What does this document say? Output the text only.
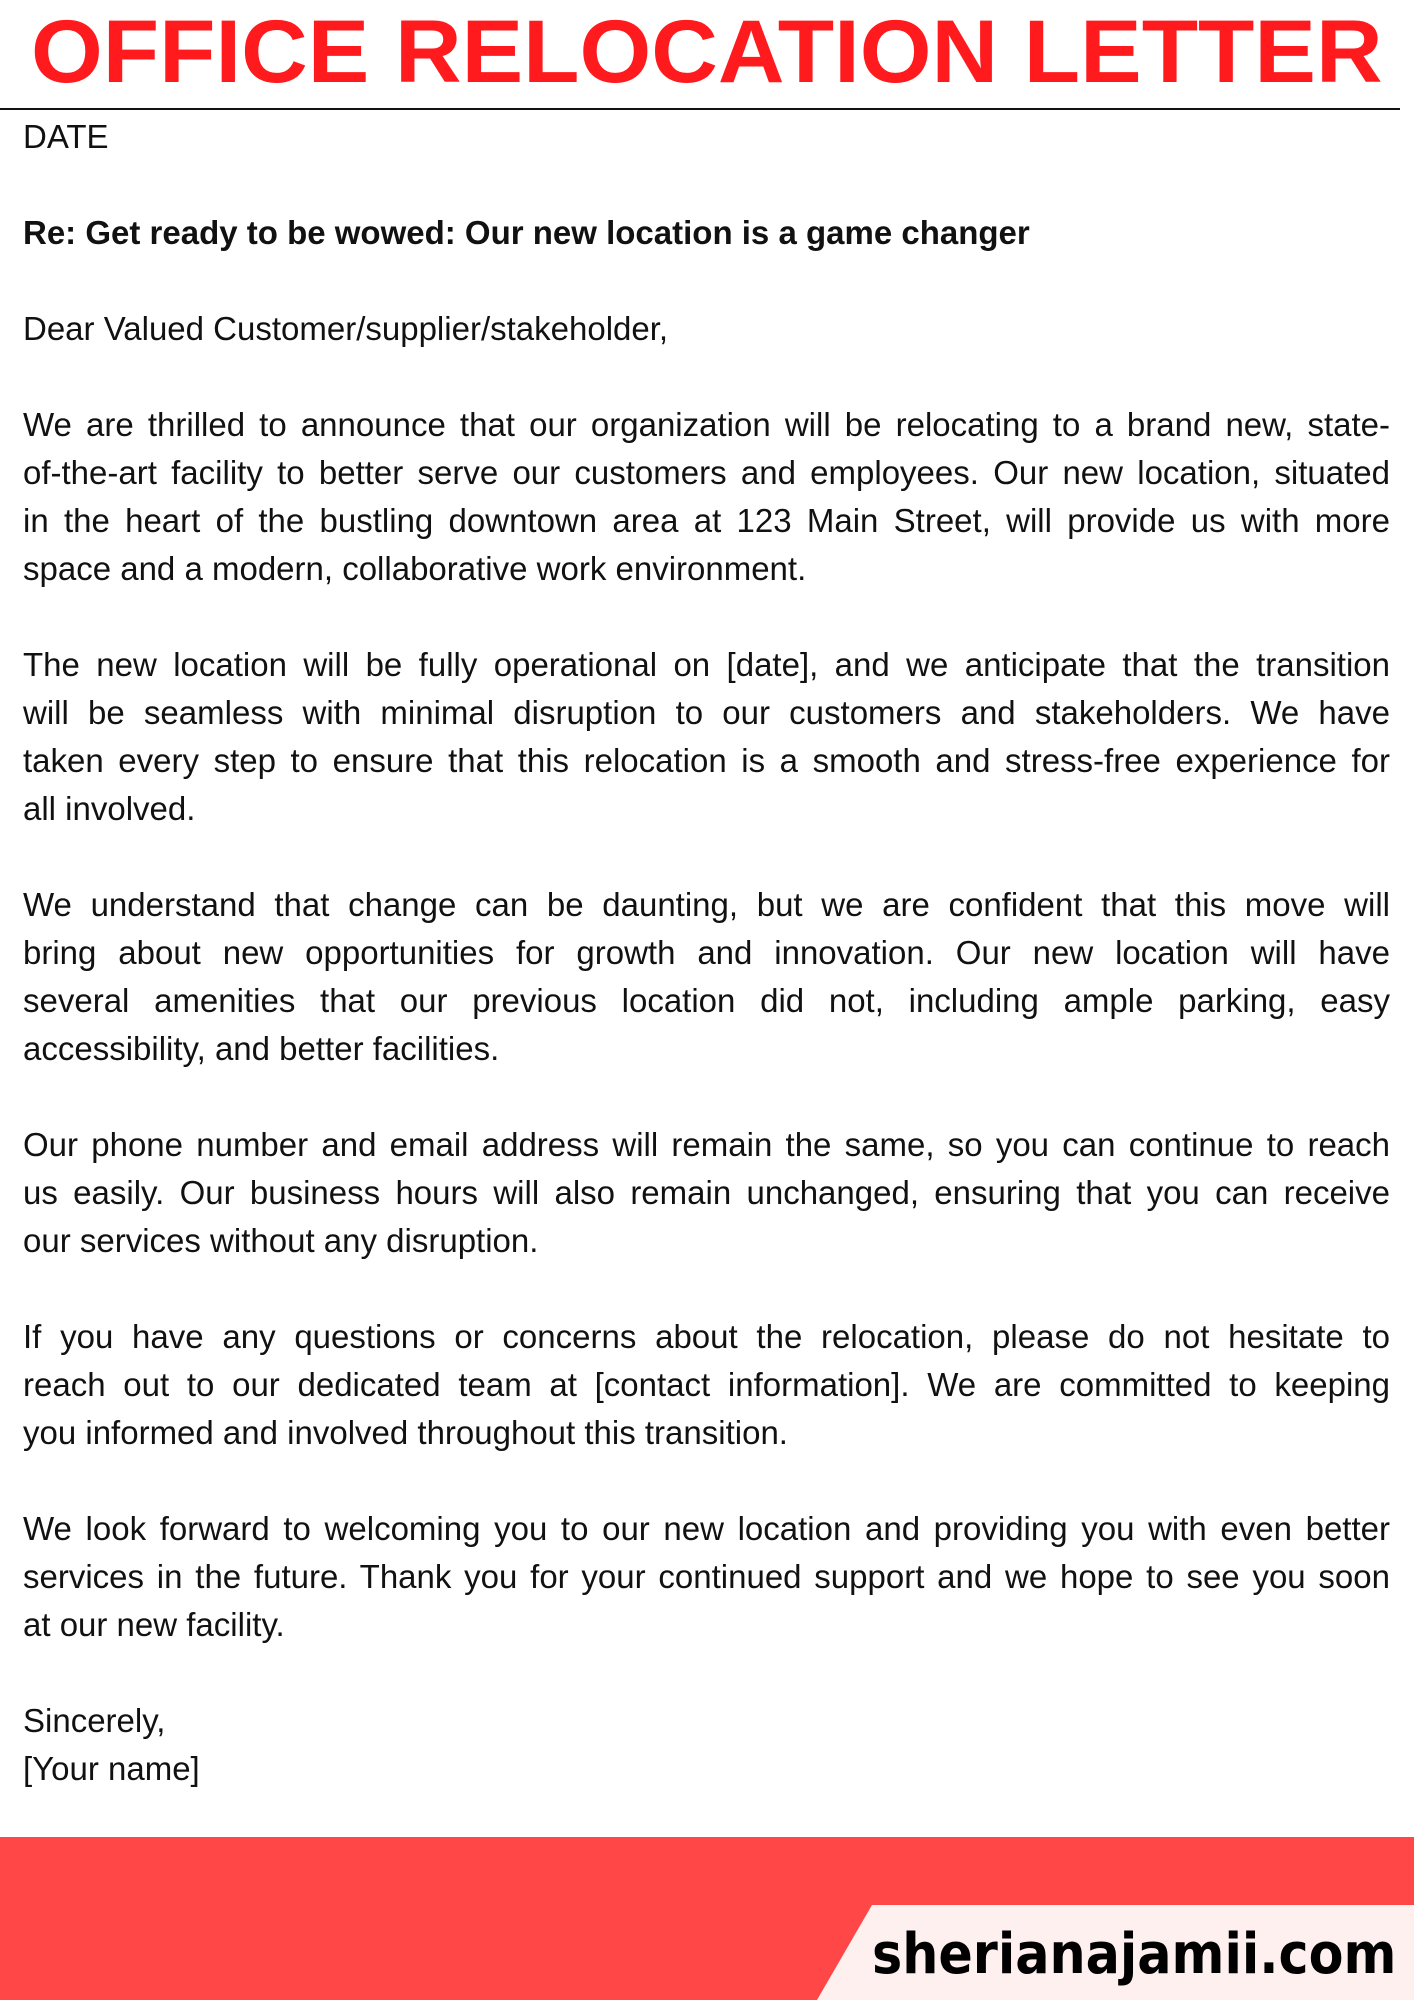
OFFICE RELOCATION LETTER
DATE
Re: Get ready to be wowed: Our new location is a game changer
Dear Valued Customer/supplier/stakeholder,
We are thrilled to announce that our organization will be relocating to a brand new, state-
of-the-art facility to better serve our customers and employees. Our new location, situated
in the heart of the bustling downtown area at 123 Main Street, will provide us with more
space and a modern, collaborative work environment.
The new location will be fully operational on [date], and we anticipate that the transition
will be seamless with minimal disruption to our customers and stakeholders. We have
taken every step to ensure that this relocation is a smooth and stress-free experience for
all involved.
We understand that change can be daunting, but we are confident that this move will
bring about new opportunities for growth and innovation. Our new location will have
several amenities that our previous location did not, including ample parking, easy
accessibility, and better facilities.
Our phone number and email address will remain the same, so you can continue to reach
us easily. Our business hours will also remain unchanged, ensuring that you can receive
our services without any disruption.
If you have any questions or concerns about the relocation, please do not hesitate to
reach out to our dedicated team at [contact information]. We are committed to keeping
you informed and involved throughout this transition.
We look forward to welcoming you to our new location and providing you with even better
services in the future. Thank you for your continued support and we hope to see you soon
at our new facility.
Sincerely,
[Your name]
sherianajamii.com
